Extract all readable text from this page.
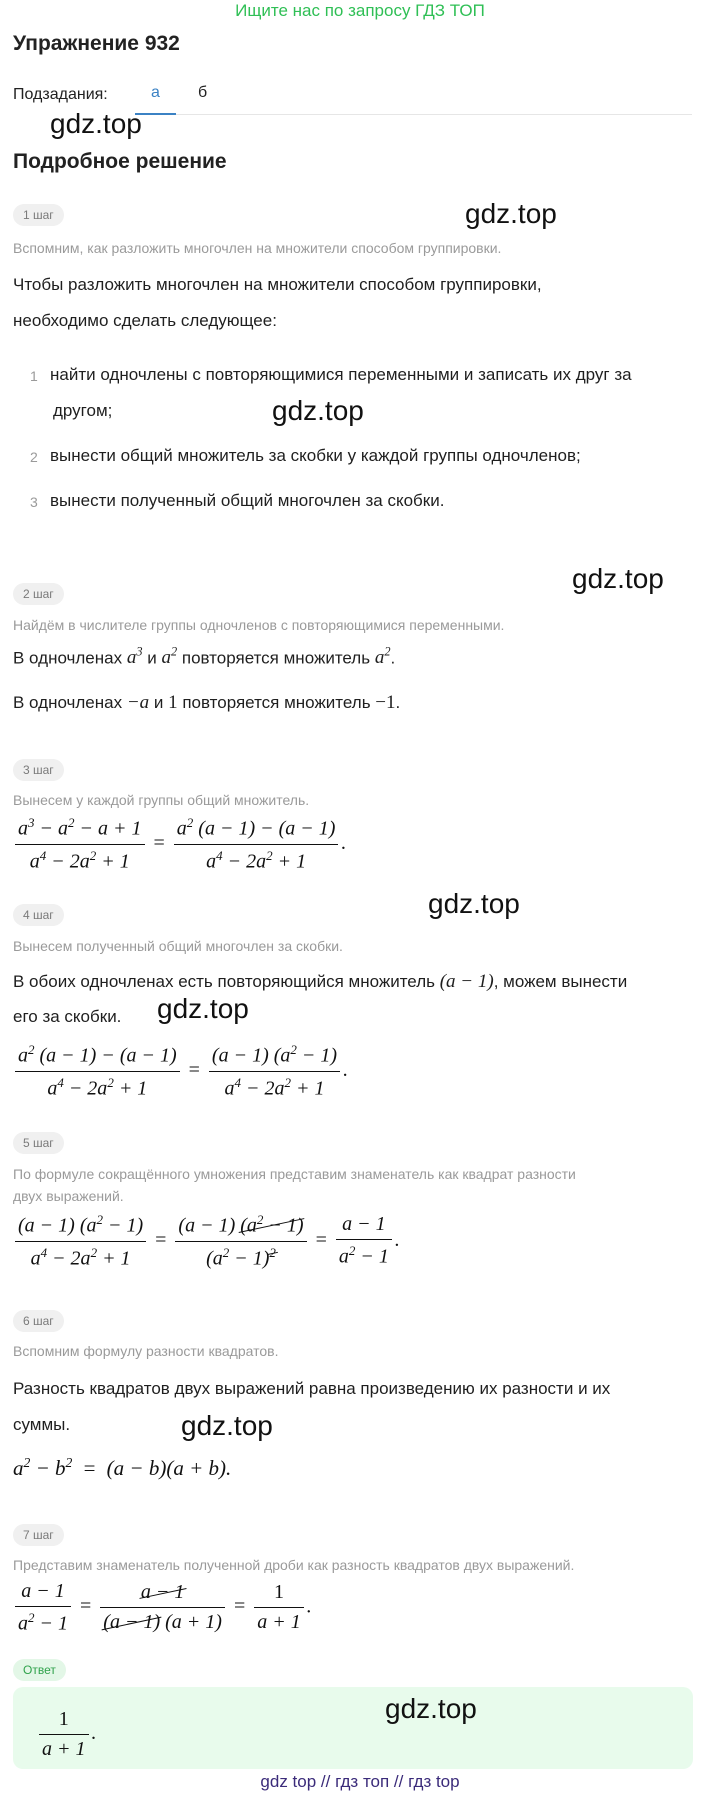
Ищите нас по запросу ГДЗ ТОП
Упражнение 932
Подзадания:	а б
gdz.top
Подробное решение
1 шаг	gdz.top
Вспомним, как разложить многочлен на множители способом группировки.
Чтобы разложить многочлен на множители способом группировки,
необходимо сделать следующее:
1 найти одночлены с повторяющимися переменными и записать их друг за
другом;	gdz.top
2 вынести общий множитель за скобки у каждой группы одночленов;
3 вынести полученный общий многочлен за скобки.
gdz.top
2 шаг
Найдём в числителе группы одночленов с повторяющимися переменными.
В одночленах $a^3$ и $a^2$ повторяется множитель $a^2$.
В одночленах −a и 1 повторяется множитель −1.
3 шаг
Вынесем у каждой группы общий множитель.
$\frac{a^3 - a^2 - a + 1}{a^4 - 2a^2 + 1} = \frac{a^2 (a - 1) - (a - 1)}{a^4 - 2a^2 + 1}$ .
gdz.top
4 шаг
Вынесем полученный общий многочлен за скобки.
В обоих одночленах есть повторяющийся множитель (a − 1), можем вынести
его за скобки. gdz.top
$\frac{a^2 (a - 1) - (a - 1)}{a^4 - 2a^2 + 1} = \frac{(a - 1) (a^2 - 1)}{a^4 - 2a^2 + 1}$ .
5 шаг
По формуле сокращённого умножения представим знаменатель как квадрат разности
двух выражений.
$\frac{(a - 1) (a^2 - 1)}{a^4 - 2a^2 + 1} = \frac{(a - 1) (a^2 - 1)}{(a^2 - 1)^2} = \frac{a - 1}{a^2 - 1}$ .
6 шаг
Вспомним формулу разности квадратов.
Разность квадратов двух выражений равна произведению их разности и их
суммы.	gdz.top
$a^2 - b^2 = (a - b)(a + b)$.
7 шаг
Представим знаменатель полученной дроби как разность квадратов двух выражений.
$\frac{a - 1}{a^2 - 1} = \frac{a - 1}{(a - 1) (a + 1)} = \frac{1}{a + 1}$ .
Ответ
gdz.top
$\frac{1}{a + 1}$ .
gdz top // гдз топ // гдз top
